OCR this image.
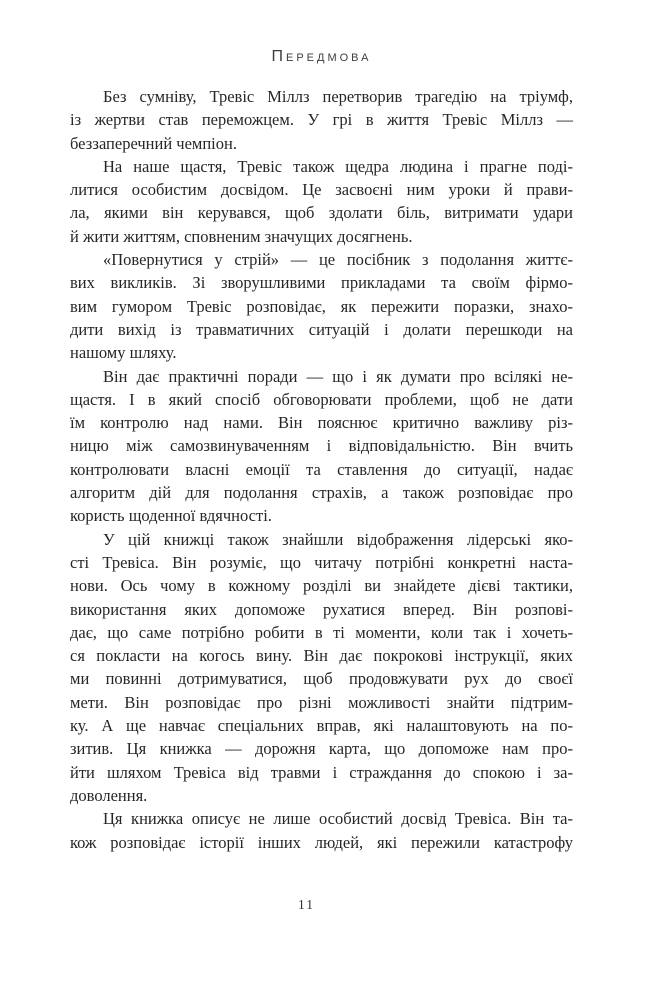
Передмова
Без сумніву, Тревіс Міллз перетворив трагедію на тріумф,
із жертви став переможцем. У грі в життя Тревіс Міллз —
беззаперечний чемпіон.
На наше щастя, Тревіс також щедра людина і прагне поді-
литися особистим досвідом. Це засвоєні ним уроки й прави-
ла, якими він керувався, щоб здолати біль, витримати удари
й жити життям, сповненим значущих досягнень.
«Повернутися у стрій» — це посібник з подолання життє-
вих викликів. Зі зворушливими прикладами та своїм фірмо-
вим гумором Тревіс розповідає, як пережити поразки, знахо-
дити вихід із травматичних ситуацій і долати перешкоди на
нашому шляху.
Він дає практичні поради — що і як думати про всілякі не-
щастя. І в який спосіб обговорювати проблеми, щоб не дати
їм контролю над нами. Він пояснює критично важливу різ-
ницю між самозвинуваченням і відповідальністю. Він вчить
контролювати власні емоції та ставлення до ситуації, надає
алгоритм дій для подолання страхів, а також розповідає про
користь щоденної вдячності.
У цій книжці також знайшли відображення лідерські яко-
сті Тревіса. Він розуміє, що читачу потрібні конкретні наста-
нови. Ось чому в кожному розділі ви знайдете дієві тактики,
використання яких допоможе рухатися вперед. Він розпові-
дає, що саме потрібно робити в ті моменти, коли так і хочеть-
ся покласти на когось вину. Він дає покрокові інструкції, яких
ми повинні дотримуватися, щоб продовжувати рух до своєї
мети. Він розповідає про різні можливості знайти підтрим-
ку. А ще навчає спеціальних вправ, які налаштовують на по-
зитив. Ця книжка — дорожня карта, що допоможе нам про-
йти шляхом Тревіса від травми і страждання до спокою і за-
доволення.
Ця книжка описує не лише особистий досвід Тревіса. Він та-
кож розповідає історії інших людей, які пережили катастрофу
11
